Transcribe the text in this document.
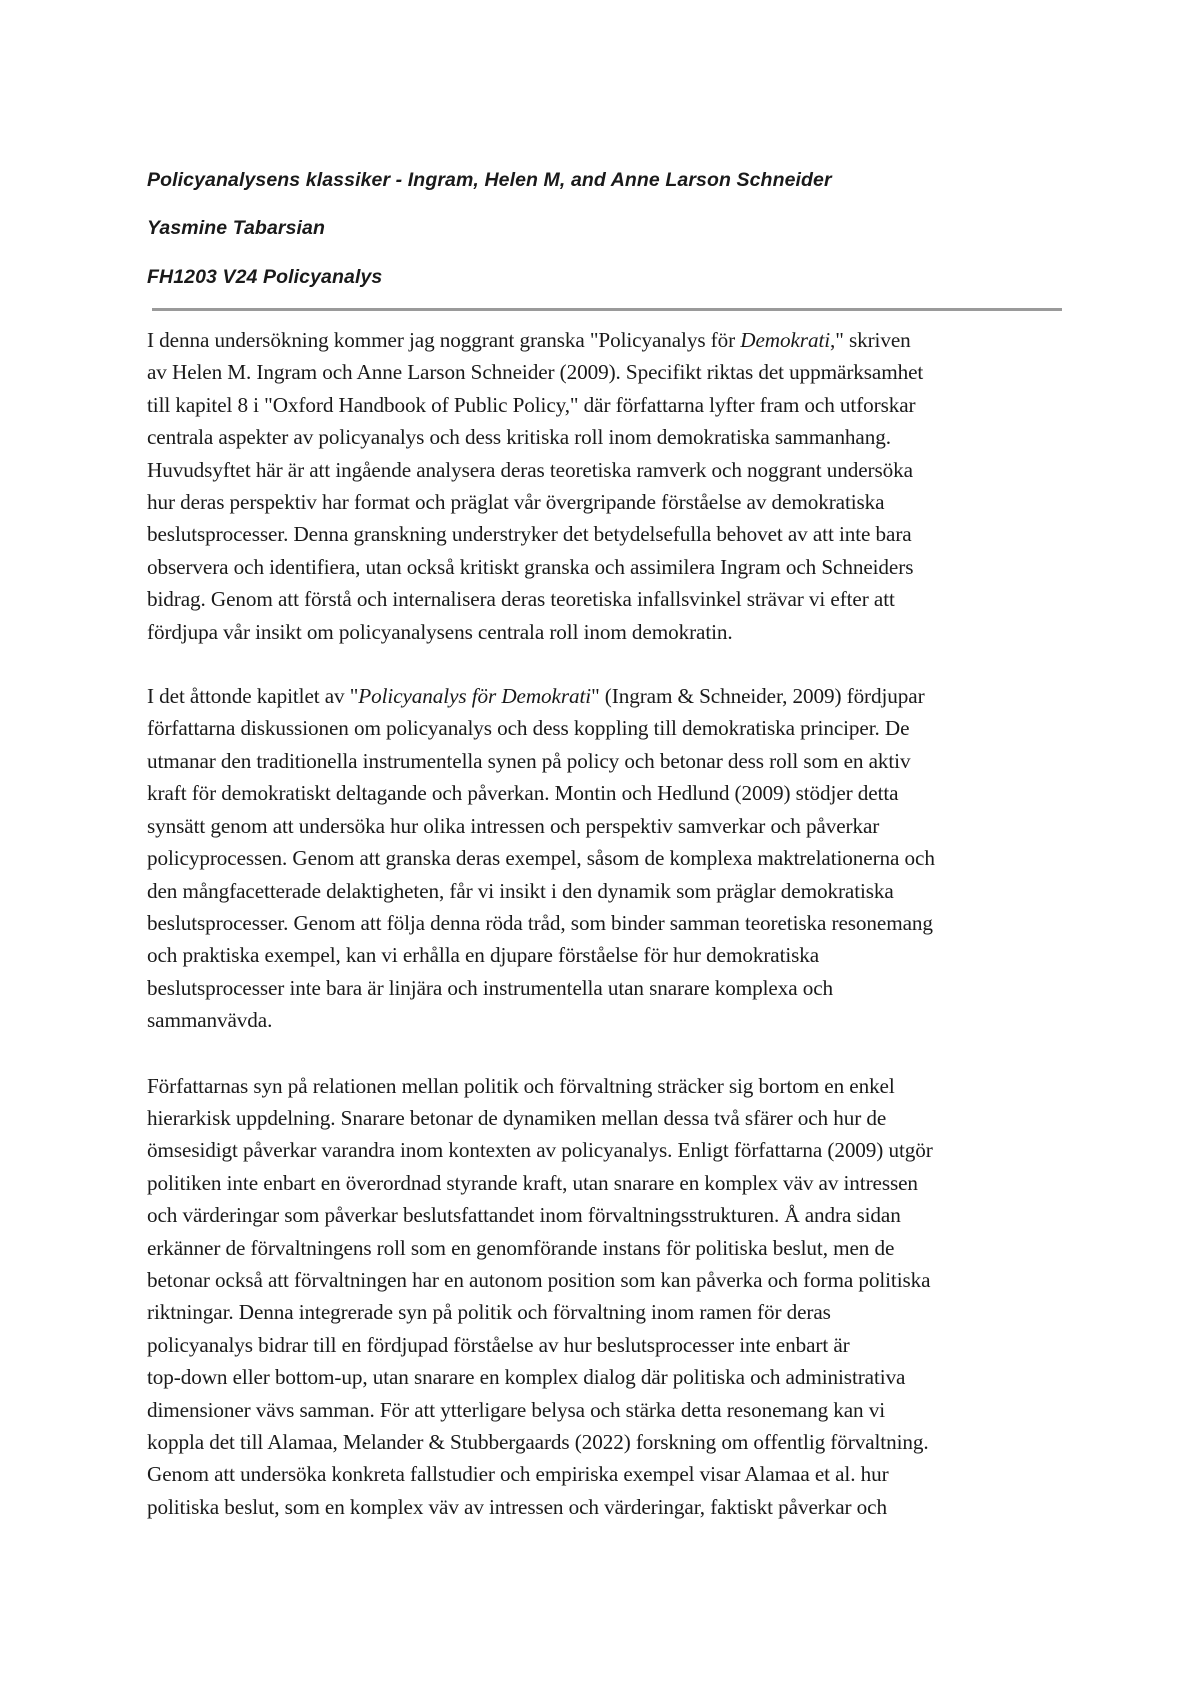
Policyanalysens klassiker - Ingram, Helen M, and Anne Larson Schneider

Yasmine Tabarsian

FH1203 V24 Policyanalys

I denna undersökning kommer jag noggrant granska "Policyanalys för Demokrati," skriven
av Helen M. Ingram och Anne Larson Schneider (2009). Specifikt riktas det uppmärksamhet
till kapitel 8 i "Oxford Handbook of Public Policy," där författarna lyfter fram och utforskar
centrala aspekter av policyanalys och dess kritiska roll inom demokratiska sammanhang.
Huvudsyftet här är att ingående analysera deras teoretiska ramverk och noggrant undersöka
hur deras perspektiv har format och präglat vår övergripande förståelse av demokratiska
beslutsprocesser. Denna granskning understryker det betydelsefulla behovet av att inte bara
observera och identifiera, utan också kritiskt granska och assimilera Ingram och Schneiders
bidrag. Genom att förstå och internalisera deras teoretiska infallsvinkel strävar vi efter att
fördjupa vår insikt om policyanalysens centrala roll inom demokratin.

I det åttonde kapitlet av "Policyanalys för Demokrati" (Ingram & Schneider, 2009) fördjupar
författarna diskussionen om policyanalys och dess koppling till demokratiska principer. De
utmanar den traditionella instrumentella synen på policy och betonar dess roll som en aktiv
kraft för demokratiskt deltagande och påverkan. Montin och Hedlund (2009) stödjer detta
synsätt genom att undersöka hur olika intressen och perspektiv samverkar och påverkar
policyprocessen. Genom att granska deras exempel, såsom de komplexa maktrelationerna och
den mångfacetterade delaktigheten, får vi insikt i den dynamik som präglar demokratiska
beslutsprocesser. Genom att följa denna röda tråd, som binder samman teoretiska resonemang
och praktiska exempel, kan vi erhålla en djupare förståelse för hur demokratiska
beslutsprocesser inte bara är linjära och instrumentella utan snarare komplexa och
sammanvävda.

Författarnas syn på relationen mellan politik och förvaltning sträcker sig bortom en enkel
hierarkisk uppdelning. Snarare betonar de dynamiken mellan dessa två sfärer och hur de
ömsesidigt påverkar varandra inom kontexten av policyanalys. Enligt författarna (2009) utgör
politiken inte enbart en överordnad styrande kraft, utan snarare en komplex väv av intressen
och värderingar som påverkar beslutsfattandet inom förvaltningsstrukturen. Å andra sidan
erkänner de förvaltningens roll som en genomförande instans för politiska beslut, men de
betonar också att förvaltningen har en autonom position som kan påverka och forma politiska
riktningar. Denna integrerade syn på politik och förvaltning inom ramen för deras
policyanalys bidrar till en fördjupad förståelse av hur beslutsprocesser inte enbart är
top-down eller bottom-up, utan snarare en komplex dialog där politiska och administrativa
dimensioner vävs samman. För att ytterligare belysa och stärka detta resonemang kan vi
koppla det till Alamaa, Melander & Stubbergaards (2022) forskning om offentlig förvaltning.
Genom att undersöka konkreta fallstudier och empiriska exempel visar Alamaa et al. hur
politiska beslut, som en komplex väv av intressen och värderingar, faktiskt påverkar och
